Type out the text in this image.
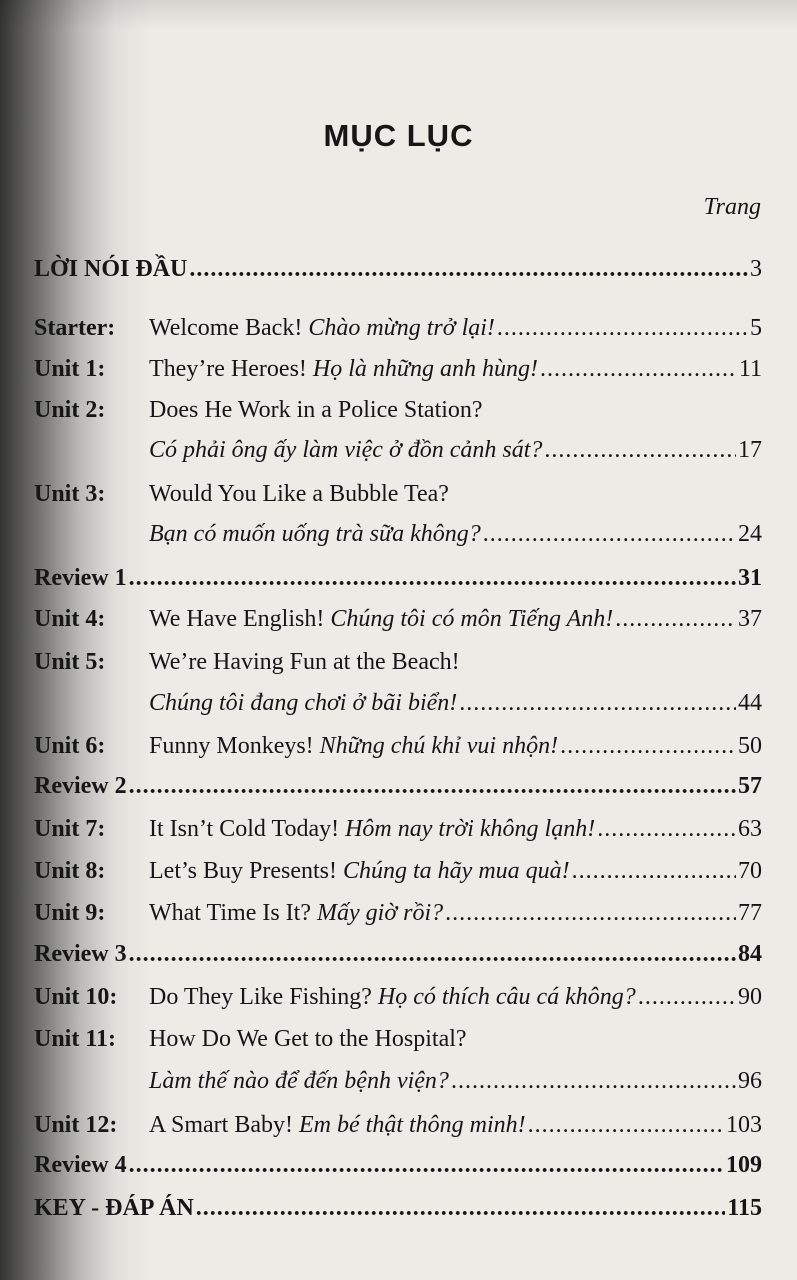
MỤC LỤC
Trang
LỜI NÓI ĐẦU .....	3
Starter:	Welcome Back! Chào mừng trở lại! .....	5
Unit 1:	They’re Heroes! Họ là những anh hùng! .....	11
Unit 2:	Does He Work in a Police Station?
Có phải ông ấy làm việc ở đồn cảnh sát? .....	17
Unit 3:	Would You Like a Bubble Tea?
Bạn có muốn uống trà sữa không? .....	24
Review 1 .....	31
Unit 4:	We Have English! Chúng tôi có môn Tiếng Anh! .....	37
Unit 5:	We’re Having Fun at the Beach!
Chúng tôi đang chơi ở bãi biển! .....	44
Unit 6:	Funny Monkeys! Những chú khỉ vui nhộn! .....	50
Review 2 .....	57
Unit 7:	It Isn’t Cold Today! Hôm nay trời không lạnh! .....	63
Unit 8:	Let’s Buy Presents! Chúng ta hãy mua quà! .....	70
Unit 9:	What Time Is It? Mấy giờ rồi? .....	77
Review 3 .....	84
Unit 10:	Do They Like Fishing? Họ có thích câu cá không? .....	90
Unit 11:	How Do We Get to the Hospital?
Làm thế nào để đến bệnh viện? .....	96
Unit 12:	A Smart Baby! Em bé thật thông minh! .....	103
Review 4 .....	109
KEY - ĐÁP ÁN .....	115
